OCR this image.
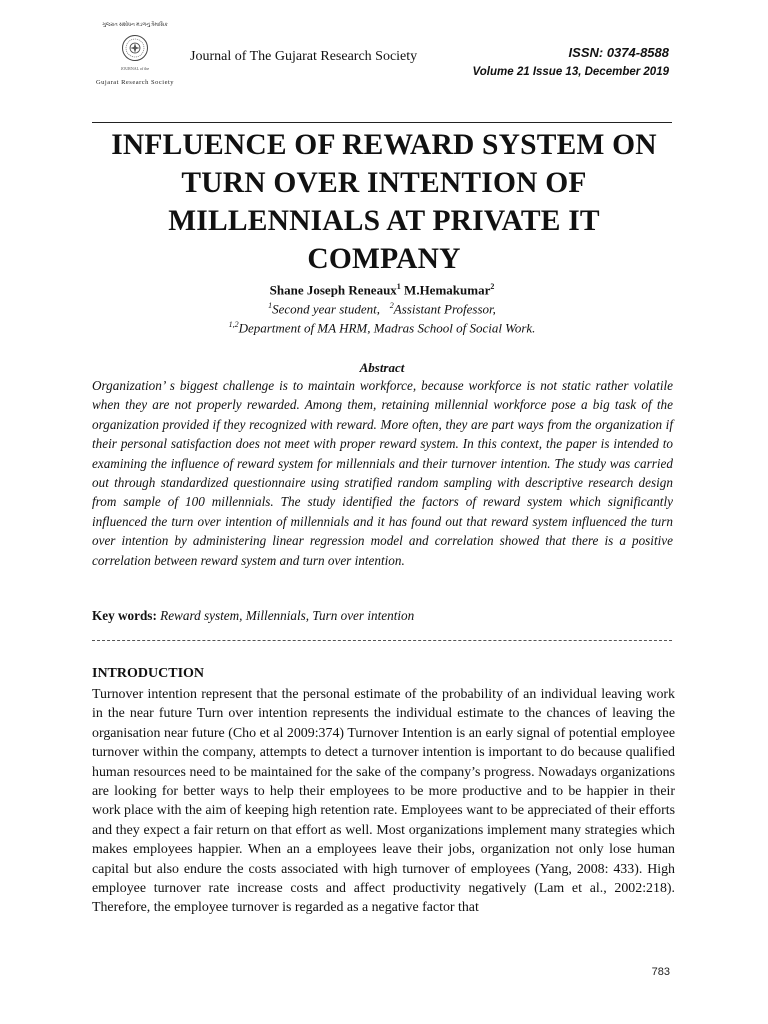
ગુજરાત સંશોધન મંડળનું ત્રૈમાસિક
JOURNAL of the
Gujarat Research Society
Journal of The Gujarat Research Society	ISSN: 0374-8588
Volume 21 Issue 13, December 2019
INFLUENCE OF REWARD SYSTEM ON
TURN OVER INTENTION OF
MILLENNIALS AT PRIVATE IT
COMPANY
Shane Joseph Reneaux$^1$ M.Hemakumar$^2$
$^1$Second year student, $^2$Assistant Professor,
$^{1,2}$Department of MA HRM, Madras School of Social Work.
Abstract

Organization’ s biggest challenge is to maintain workforce, because workforce is not static rather volatile when they are not properly rewarded. Among them, retaining millennial workforce pose a big task of the organization provided if they recognized with reward. More often, they are part ways from the organization if their personal satisfaction does not meet with proper reward system. In this context, the paper is intended to examining the influence of reward system for millennials and their turnover intention. The study was carried out through standardized questionnaire using stratified random sampling with descriptive research design from sample of 100 millennials. The study identified the factors of reward system which significantly influenced the turn over intention of millennials and it has found out that reward system influenced the turn over intention by administering linear regression model and correlation showed that there is a positive correlation between reward system and turn over intention.

Key words: Reward system, Millennials, Turn over intention
INTRODUCTION

Turnover intention represent that the personal estimate of the probability of an individual leaving work in the near future Turn over intention represents the individual estimate to the chances of leaving the organisation near future (Cho et al 2009:374) Turnover Intention is an early signal of potential employee turnover within the company, attempts to detect a turnover intention is important to do because qualified human resources need to be maintained for the sake of the company’s progress. Nowadays organizations are looking for better ways to help their employees to be more productive and to be happier in their work place with the aim of keeping high retention rate. Employees want to be appreciated of their efforts and they expect a fair return on that effort as well. Most organizations implement many strategies which makes employees happier. When an a employees leave their jobs, organization not only lose human capital but also endure the costs associated with high turnover of employees (Yang, 2008: 433). High employee turnover rate increase costs and affect productivity negatively (Lam et al., 2002:218). Therefore, the employee turnover is regarded as a negative factor that

783
